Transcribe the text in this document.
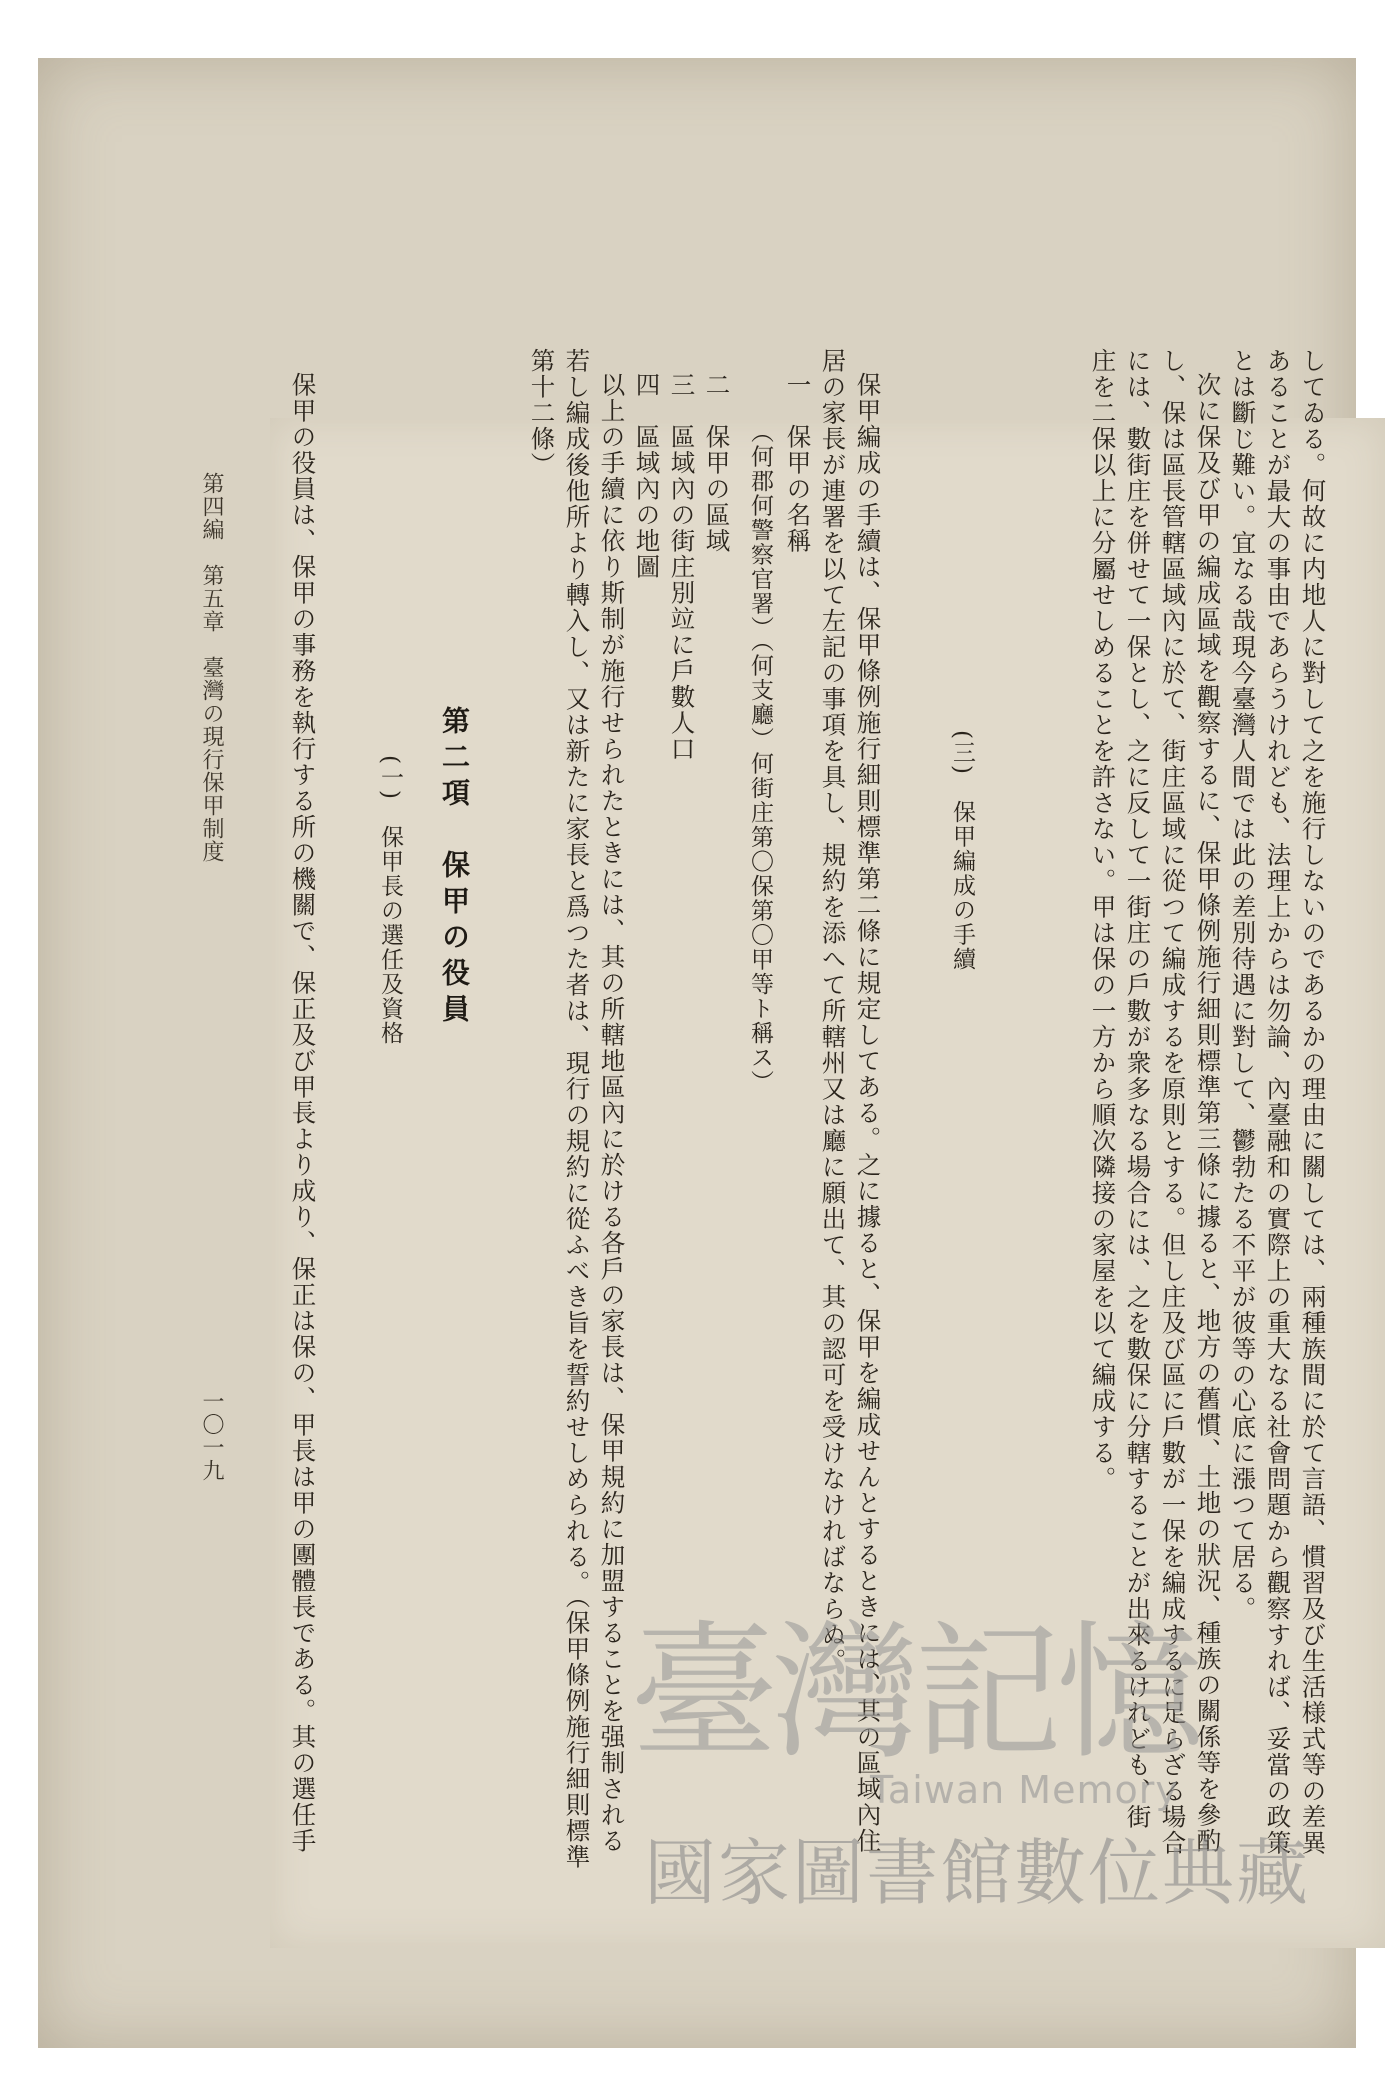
してゐる。何故に内地人に對して之を施行しないのであるかの理由に關しては、兩種族間に於て言語、慣習及び生活様式等の差異
あることが最大の事由であらうけれども、法理上からは勿論、內臺融和の實際上の重大なる社會問題から觀察すれば、妥當の政策
とは斷じ難い。宜なる哉現今臺灣人間では此の差別待遇に對して、鬱勃たる不平が彼等の心底に漲つて居る。
次に保及び甲の編成區域を觀察するに、保甲條例施行細則標準第三條に據ると、地方の舊慣、土地の狀況、種族の關係等を參酌
し、保は區長管轄區域內に於て、街庄區域に從つて編成するを原則とする。但し庄及び區に戶數が一保を編成するに足らざる場合
には、數街庄を併せて一保とし、之に反して一街庄の戶數が衆多なる場合には、之を數保に分轄することが出來るけれども、街
庄を二保以上に分屬せしめることを許さない。甲は保の一方から順次隣接の家屋を以て編成する。
(三)　保甲編成の手續
保甲編成の手續は、保甲條例施行細則標準第二條に規定してある。之に據ると、保甲を編成せんとするときには、其の區域內住
居の家長が連署を以て左記の事項を具し、規約を添へて所轄州又は廳に願出て、其の認可を受けなければならぬ。
一　保甲の名稱
（何郡何警察官署）（何支廳）何街庄第〇保第〇甲等ト稱ス）
二　保甲の區域
三　區域內の街庄別竝に戶數人口
四　區域內の地圖
以上の手續に依り斯制が施行せられたときには、其の所轄地區內に於ける各戶の家長は、保甲規約に加盟することを强制される
若し編成後他所より轉入し、又は新たに家長と爲つた者は、現行の規約に從ふべき旨を誓約せしめられる。（保甲條例施行細則標準
第十二條）
第二項　保甲の役員
(一)　保甲長の選任及資格
保甲の役員は、保甲の事務を執行する所の機關で、保正及び甲長より成り、保正は保の、甲長は甲の團體長である。其の選任手
第四編　第五章　臺灣の現行保甲制度
一〇一九
臺灣記憶
Taiwan Memory
國家圖書館數位典藏
